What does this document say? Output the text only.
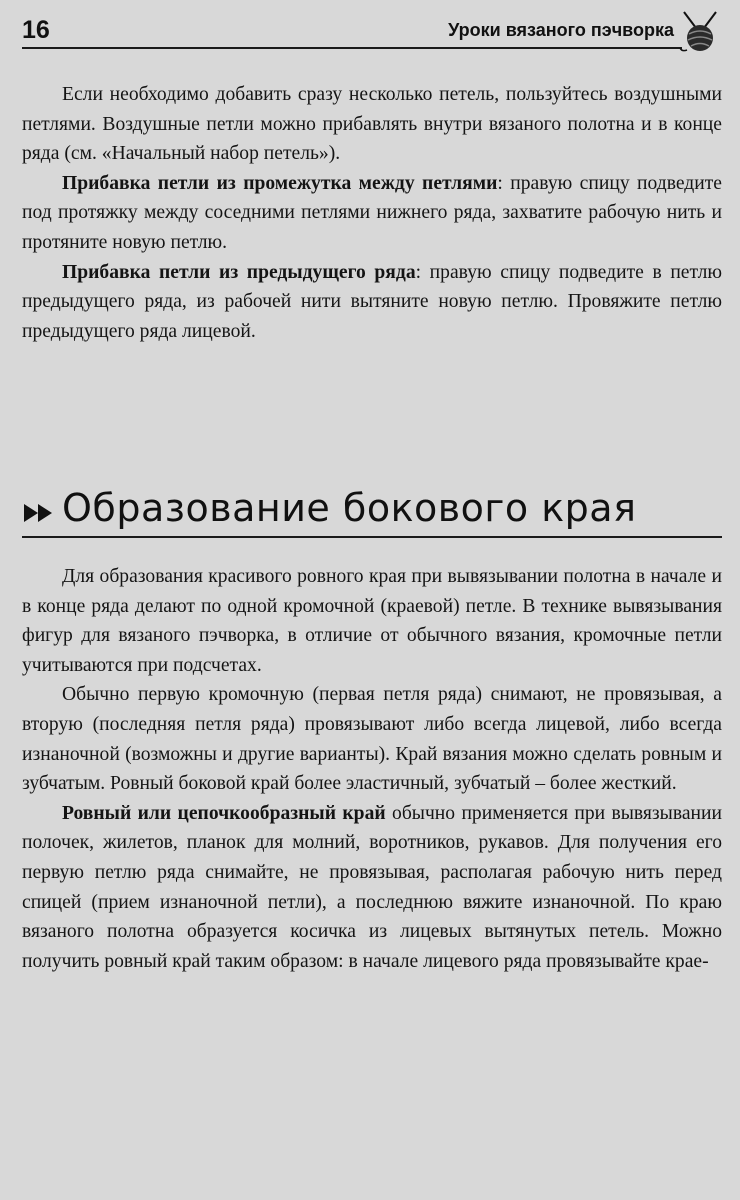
16	Уроки вязаного пэчворка

Если необходимо добавить сразу несколько петель, пользуйтесь воздушными петлями. Воздушные петли можно прибавлять внутри вязаного полотна и в конце ряда (см. «Начальный набор петель»).

Прибавка петли из промежутка между петлями: правую спицу подведите под протяжку между соседними петлями нижнего ряда, захватите рабочую нить и протяните новую петлю.

Прибавка петли из предыдущего ряда: правую спицу подведите в петлю предыдущего ряда, из рабочей нити вытяните новую петлю. Провяжите петлю предыдущего ряда лицевой.

Образование бокового края

Для образования красивого ровного края при вывязывании полотна в начале и в конце ряда делают по одной кромочной (краевой) петле. В технике вывязывания фигур для вязаного пэчворка, в отличие от обычного вязания, кромочные петли учитываются при подсчетах.

Обычно первую кромочную (первая петля ряда) снимают, не провязывая, а вторую (последняя петля ряда) провязывают либо всегда лицевой, либо всегда изнаночной (возможны и другие варианты). Край вязания можно сделать ровным и зубчатым. Ровный боковой край более эластичный, зубчатый – более жесткий.

Ровный или цепочкообразный край обычно применяется при вывязывании полочек, жилетов, планок для молний, воротников, рукавов. Для получения его первую петлю ряда снимайте, не провязывая, располагая рабочую нить перед спицей (прием изнаночной петли), а последнюю вяжите изнаночной. По краю вязаного полотна образуется косичка из лицевых вытянутых петель. Можно получить ровный край таким образом: в начале лицевого ряда провязывайте крае-
